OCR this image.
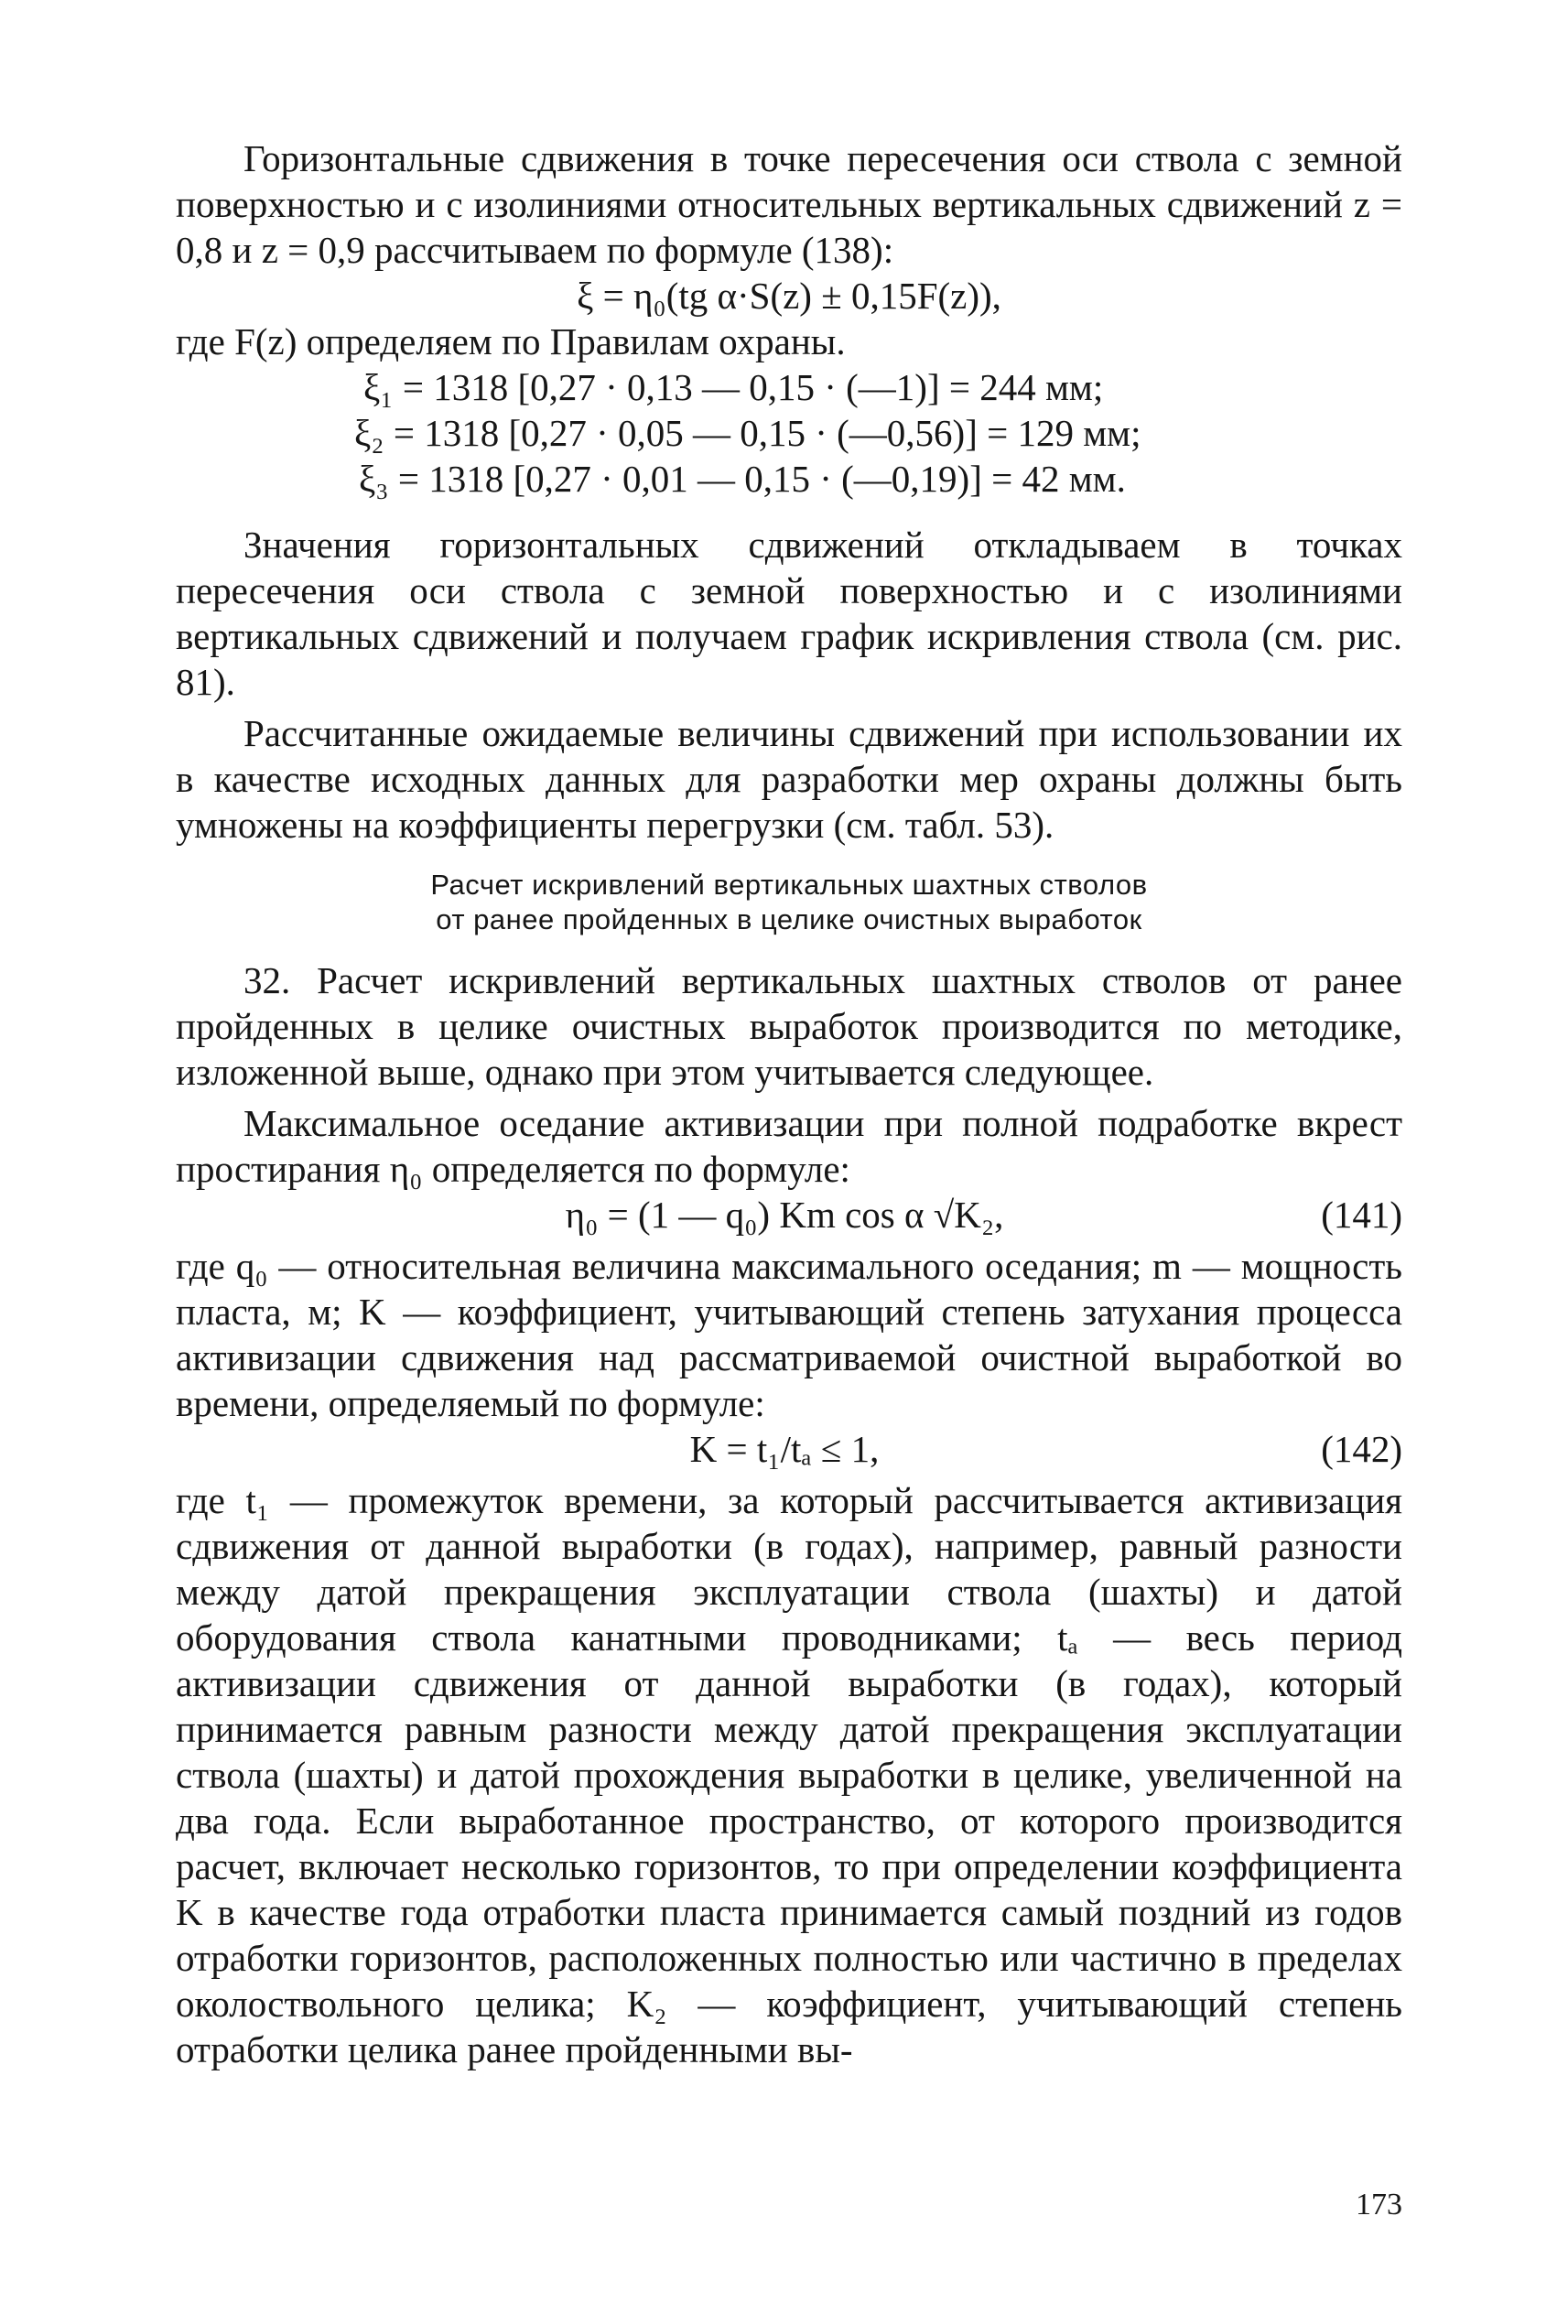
Горизонтальные сдвижения в точке пересечения оси ствола с земной поверхностью и с изолиниями относительных вертикальных сдвижений z = 0,8 и z = 0,9 рассчитываем по формуле (138):

ξ = η₀(tg α·S(z) ± 0,15F(z)),

где F(z) определяем по Правилам охраны.

ξ₁ = 1318 [0,27 · 0,13 — 0,15 · (—1)] = 244 мм;

ξ₂ = 1318 [0,27 · 0,05 — 0,15 · (—0,56)] = 129 мм;

ξ₃ = 1318 [0,27 · 0,01 — 0,15 · (—0,19)] = 42 мм.

Значения горизонтальных сдвижений откладываем в точках пересечения оси ствола с земной поверхностью и с изолиниями вертикальных сдвижений и получаем график искривления ствола (см. рис. 81).

Рассчитанные ожидаемые величины сдвижений при использовании их в качестве исходных данных для разработки мер охраны должны быть умножены на коэффициенты перегрузки (см. табл. 53).

Расчет искривлений вертикальных шахтных стволов
от ранее пройденных в целике очистных выработок

32. Расчет искривлений вертикальных шахтных стволов от ранее пройденных в целике очистных выработок производится по методике, изложенной выше, однако при этом учитывается следующее.

Максимальное оседание активизации при полной подработке вкрест простирания η₀ определяется по формуле:

η₀ = (1 — q₀) Km cos α √K₂,	(141)

где q₀ — относительная величина максимального оседания; m — мощность пласта, м; K — коэффициент, учитывающий степень затухания процесса активизации сдвижения над рассматриваемой очистной выработкой во времени, определяемый по формуле:

K = t₁/tₐ ≤ 1,	(142)

где t₁ — промежуток времени, за который рассчитывается активизация сдвижения от данной выработки (в годах), например, равный разности между датой прекращения эксплуатации ствола (шахты) и датой оборудования ствола канатными проводниками; tₐ — весь период активизации сдвижения от данной выработки (в годах), который принимается равным разности между датой прекращения эксплуатации ствола (шахты) и датой прохождения выработки в целике, увеличенной на два года. Если выработанное пространство, от которого производится расчет, включает несколько горизонтов, то при определении коэффициента K в качестве года отработки пласта принимается самый поздний из годов отработки горизонтов, расположенных полностью или частично в пределах околоствольного целика; K₂ — коэффициент, учитывающий степень отработки целика ранее пройденными вы-

173
